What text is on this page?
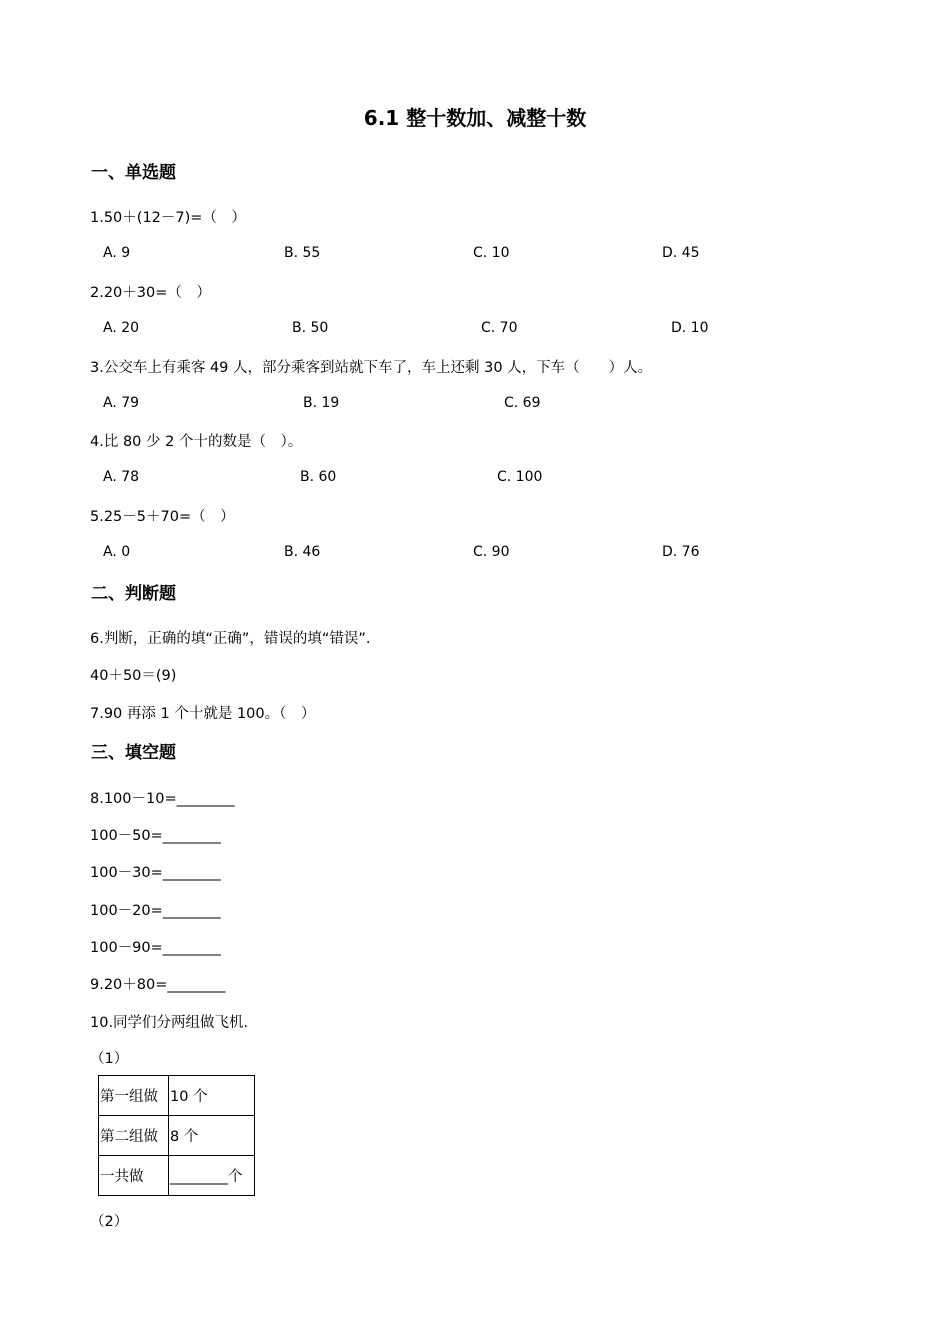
6.1 整十数加、减整十数
一、单选题
1.50＋(12－7)=（　）
A. 9	B. 55	C. 10	D. 45
2.20＋30=（　）
A. 20	B. 50	C. 70	D. 10
3.公交车上有乘客 49 人，部分乘客到站就下车了，车上还剩 30 人，下车（　　）人。
A. 79	B. 19	C. 69
4.比 80 少 2 个十的数是（　）。
A. 78	B. 60	C. 100
5.25－5＋70=（　）
A. 0	B. 46	C. 90	D. 76
二、判断题
6.判断，正确的填“正确”，错误的填“错误”.
40＋50＝(9)
7.90 再添 1 个十就是 100。（　）
三、填空题
8.100－10=________
100－50=________
100－30=________
100－20=________
100－90=________
9.20＋80=________
10.同学们分两组做飞机.
（1）
第一组做	10 个
第二组做	8 个
一共做	________个
（2）
